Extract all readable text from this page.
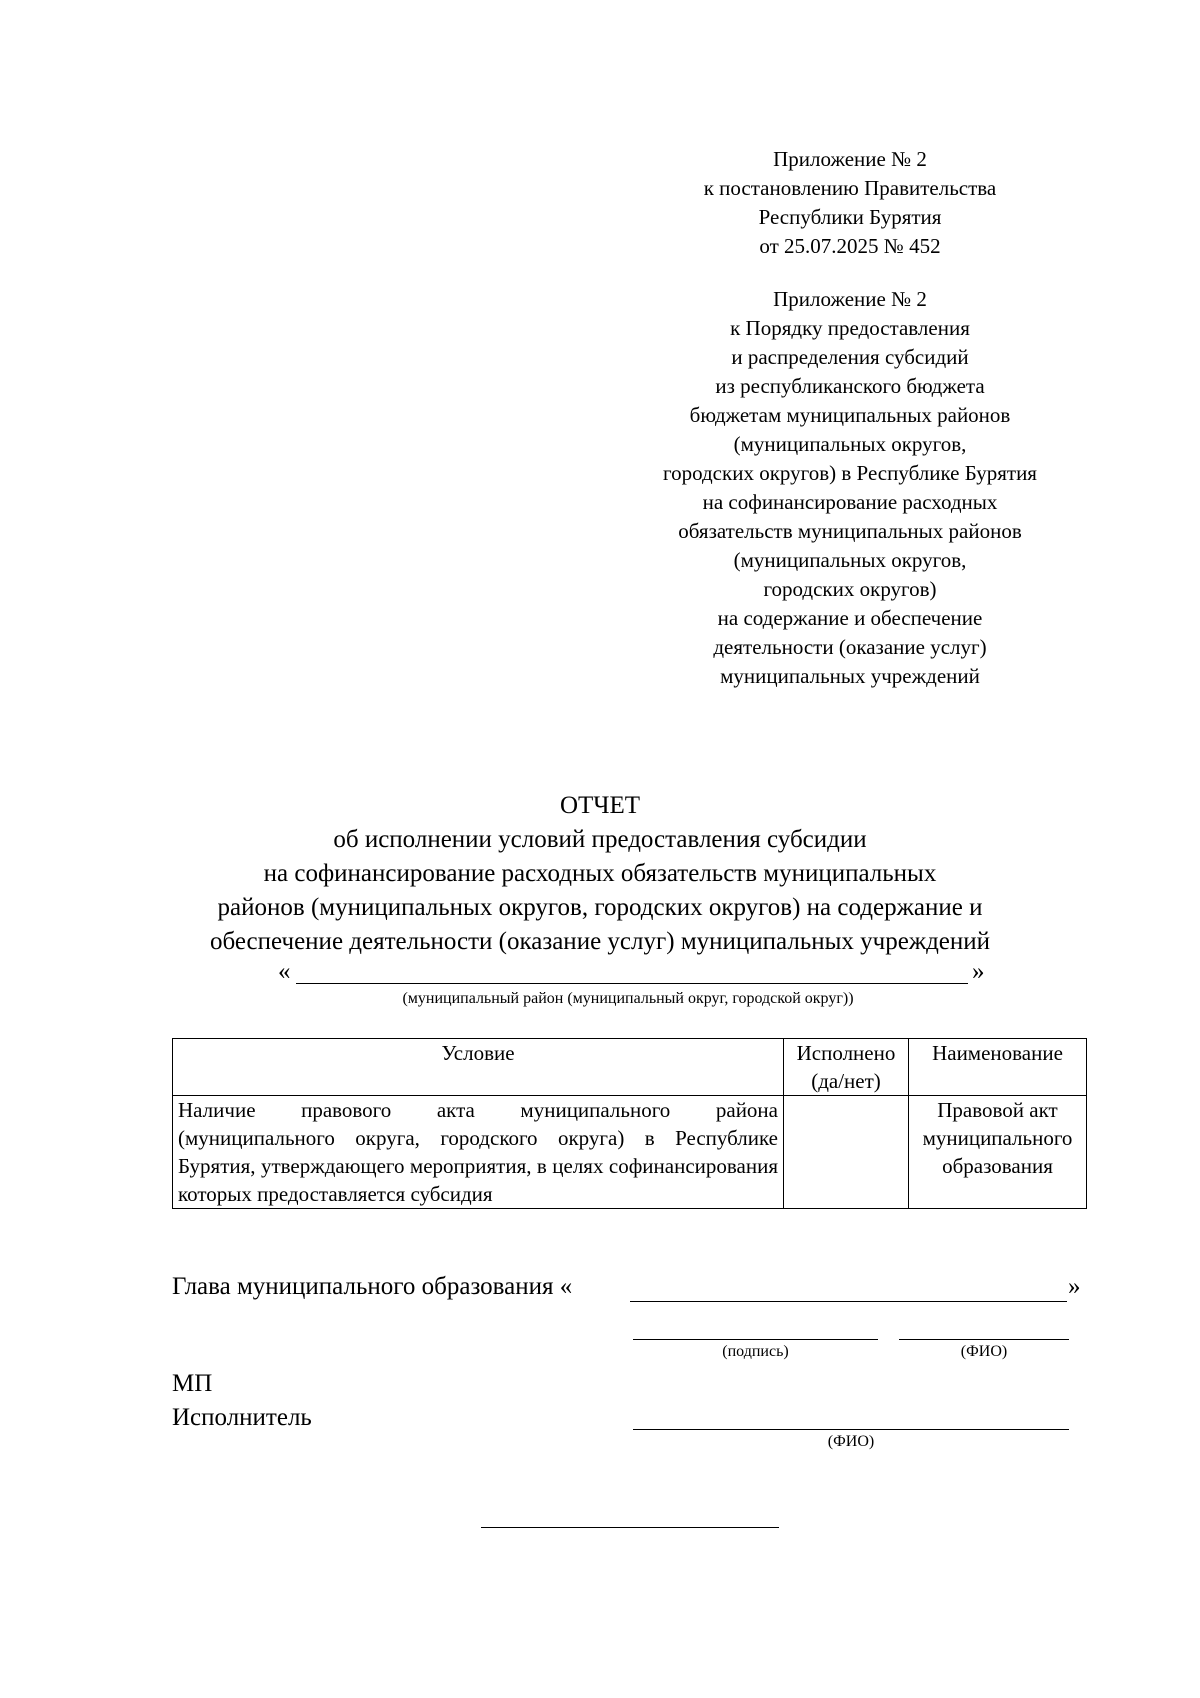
Приложение № 2
к постановлению Правительства
Республики Бурятия
от 25.07.2025 № 452
Приложение № 2
к Порядку предоставления
и распределения субсидий
из республиканского бюджета
бюджетам муниципальных районов
(муниципальных округов,
городских округов) в Республике Бурятия
на софинансирование расходных
обязательств муниципальных районов
(муниципальных округов,
городских округов)
на содержание и обеспечение
деятельности (оказание услуг)
муниципальных учреждений
ОТЧЕТ
об исполнении условий предоставления субсидии
на софинансирование расходных обязательств муниципальных
районов (муниципальных округов, городских округов) на содержание и
обеспечение деятельности (оказание услуг) муниципальных учреждений
«	»
(муниципальный район (муниципальный округ, городской округ))
Условие	Исполнено (да/нет)	Наименование
Наличие правового акта муниципального района (муниципального округа, городского округа) в Республике Бурятия, утверждающего мероприятия, в целях софинансирования которых предоставляется субсидия		Правовой акт муниципального образования
Глава муниципального образования «	»
(подпись)	(ФИО)
МП
Исполнитель
(ФИО)
